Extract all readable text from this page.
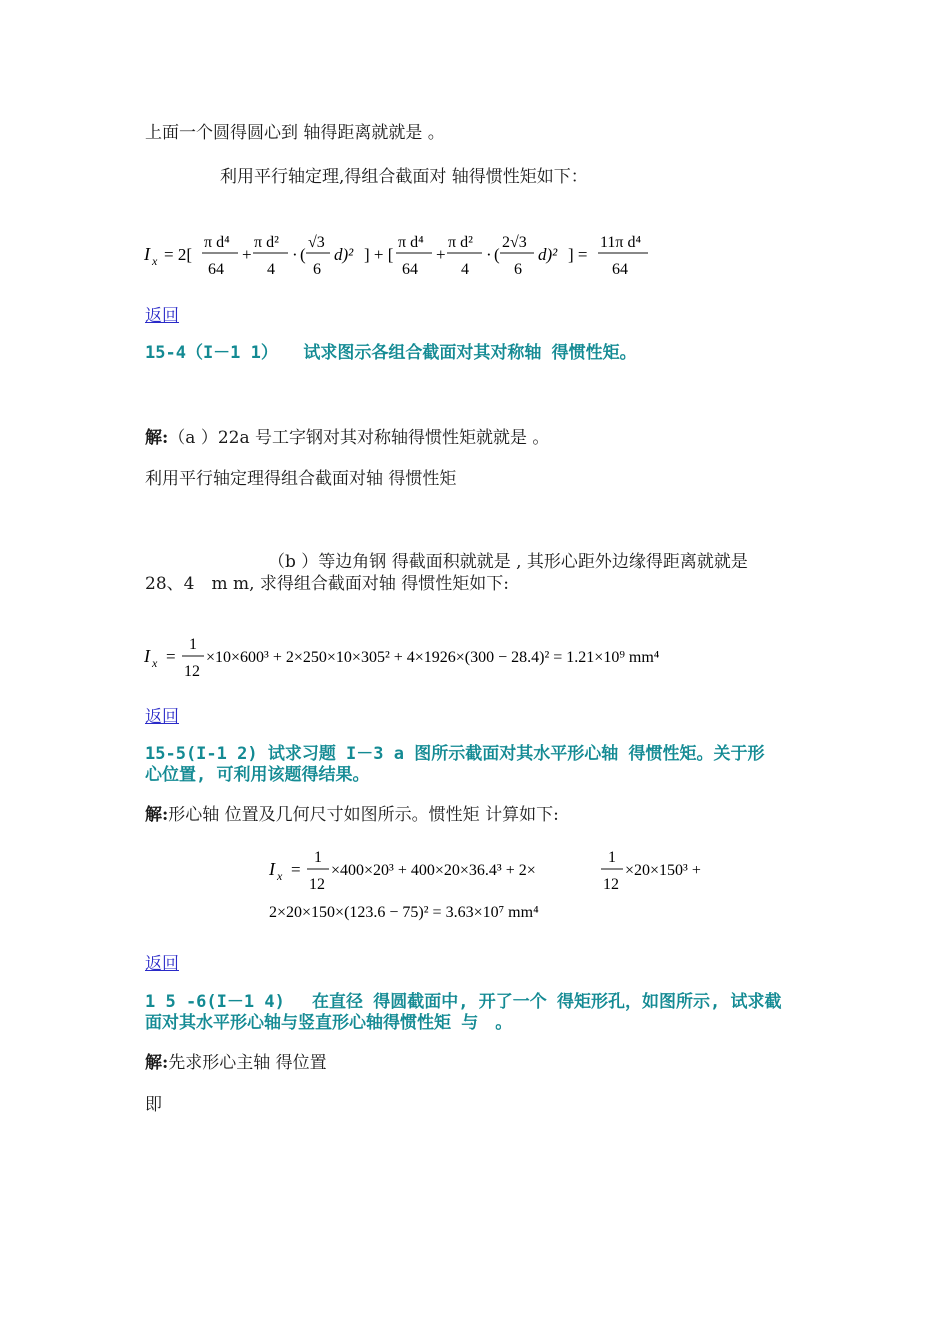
上面一个圆得圆心到 轴得距离就就是 。
利用平行轴定理,得组合截面对 轴得惯性矩如下：
I x = 2[
π d⁴
64
+
π d²
4
· (
√3
6
d)² ] + [
π d⁴
64
+
π d²
4
· (
2√3
6
d)² ] =
11π d⁴
64
返回
15-4（I－1 1）　　试求图示各组合截面对其对称轴 得惯性矩。
解:（a ）22a 号工字钢对其对称轴得惯性矩就就是 。
利用平行轴定理得组合截面对轴 得惯性矩
（b ）等边角钢 得截面积就就是 , 其形心距外边缘得距离就就是
28、4　m m, 求得组合截面对轴 得惯性矩如下:
I x =
1
12
×10×600³ + 2×250×10×305² + 4×1926×(300 − 28.4)² = 1.21×10⁹ mm⁴
返回
15-5(I-1 2) 试求习题 I－3 a 图所示截面对其水平形心轴 得惯性矩。关于形
心位置, 可利用该题得结果。
解:形心轴 位置及几何尺寸如图所示。惯性矩 计算如下:
I x =
1
12
×400×20³ + 400×20×36.4³ + 2×
1
12
×20×150³ +
2×20×150×(123.6 − 75)² = 3.63×10⁷ mm⁴
返回
1 5 -6(I－1 4)　 在直径 得圆截面中, 开了一个 得矩形孔，如图所示, 试求截
面对其水平形心轴与竖直形心轴得惯性矩 与　。
解:先求形心主轴 得位置
即
